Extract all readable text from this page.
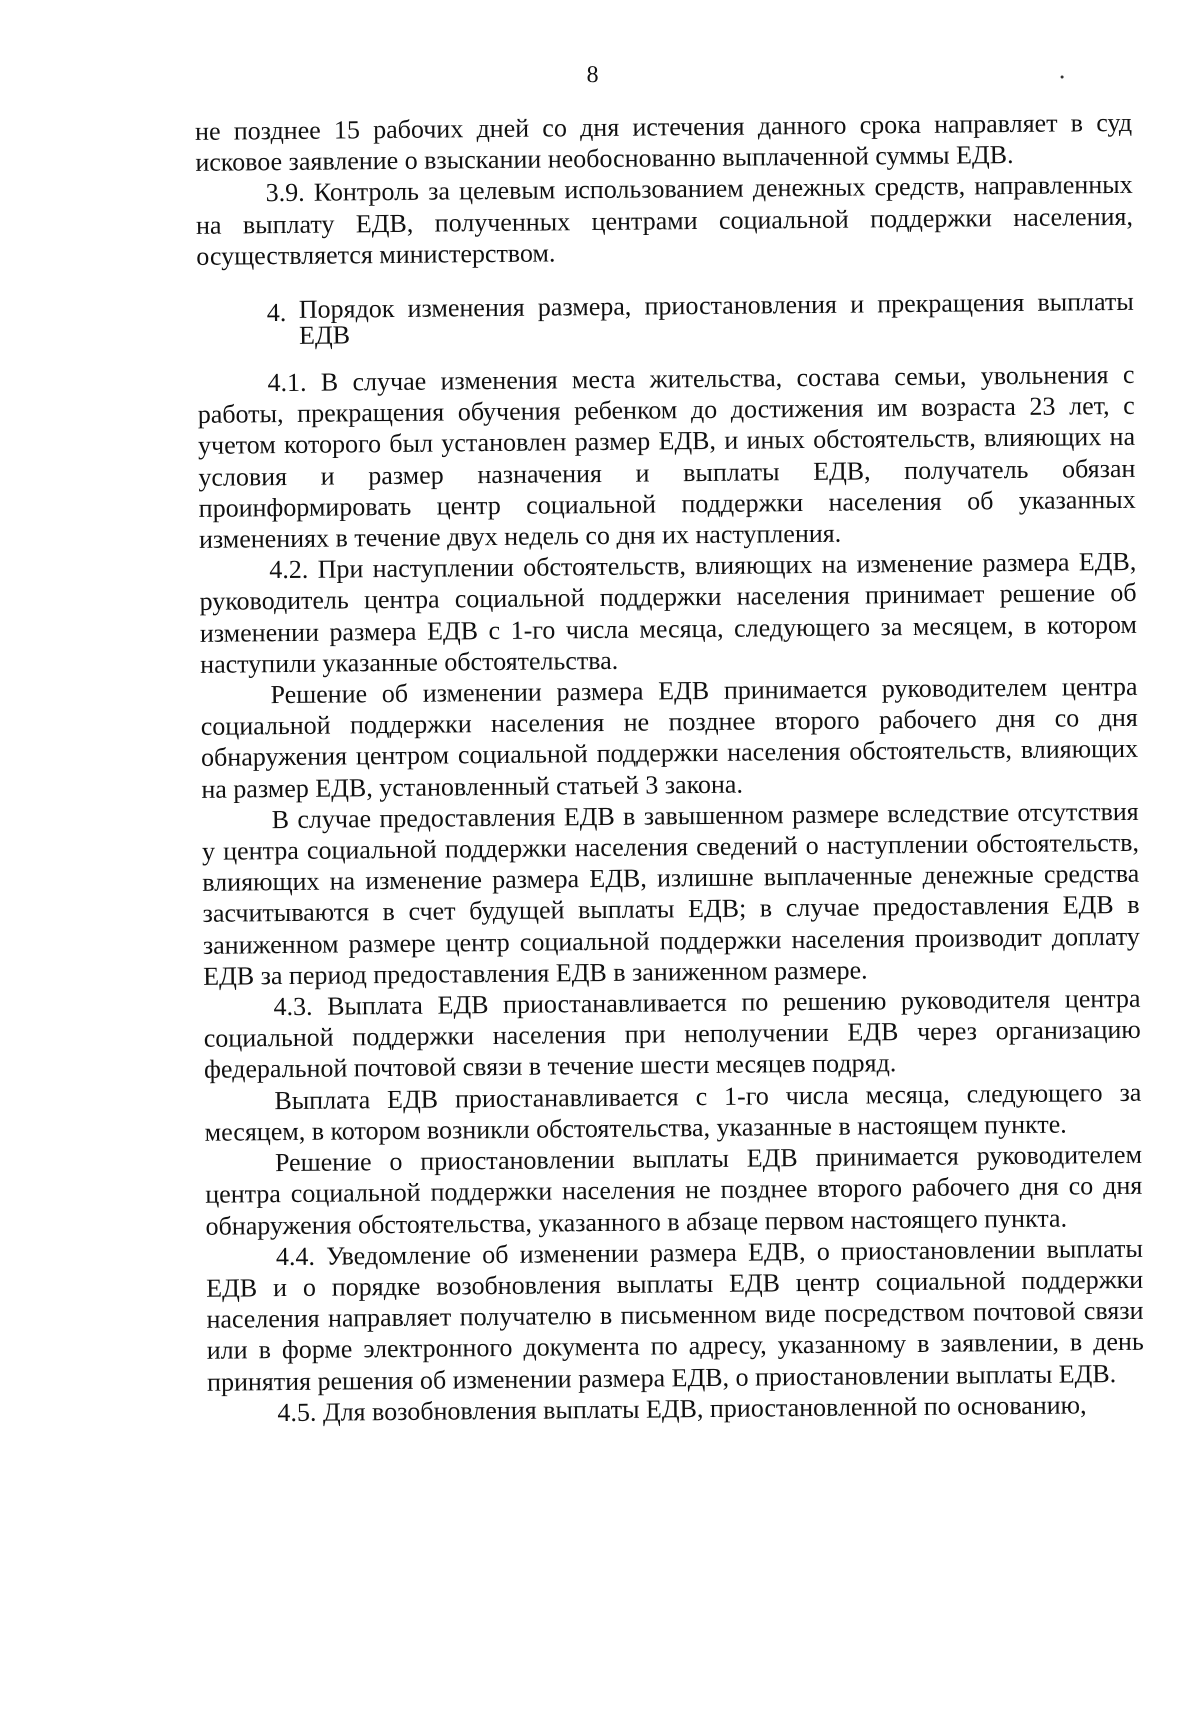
8

не позднее 15 рабочих дней со дня истечения данного срока направляет в суд исковое заявление о взыскании необоснованно выплаченной суммы ЕДВ.

3.9. Контроль за целевым использованием денежных средств, направленных на выплату ЕДВ, полученных центрами социальной поддержки населения, осуществляется министерством.

4. Порядок изменения размера, приостановления и прекращения выплаты ЕДВ

4.1. В случае изменения места жительства, состава семьи, увольнения с работы, прекращения обучения ребенком до достижения им возраста 23 лет, с учетом которого был установлен размер ЕДВ, и иных обстоятельств, влияющих на условия и размер назначения и выплаты ЕДВ, получатель обязан проинформировать центр социальной поддержки населения об указанных изменениях в течение двух недель со дня их наступления.

4.2. При наступлении обстоятельств, влияющих на изменение размера ЕДВ, руководитель центра социальной поддержки населения принимает решение об изменении размера ЕДВ с 1-го числа месяца, следующего за месяцем, в котором наступили указанные обстоятельства.

Решение об изменении размера ЕДВ принимается руководителем центра социальной поддержки населения не позднее второго рабочего дня со дня обнаружения центром социальной поддержки населения обстоятельств, влияющих на размер ЕДВ, установленный статьей 3 закона.

В случае предоставления ЕДВ в завышенном размере вследствие отсутствия у центра социальной поддержки населения сведений о наступлении обстоятельств, влияющих на изменение размера ЕДВ, излишне выплаченные денежные средства засчитываются в счет будущей выплаты ЕДВ; в случае предоставления ЕДВ в заниженном размере центр социальной поддержки населения производит доплату ЕДВ за период предоставления ЕДВ в заниженном размере.

4.3. Выплата ЕДВ приостанавливается по решению руководителя центра социальной поддержки населения при неполучении ЕДВ через организацию федеральной почтовой связи в течение шести месяцев подряд.

Выплата ЕДВ приостанавливается с 1-го числа месяца, следующего за месяцем, в котором возникли обстоятельства, указанные в настоящем пункте.

Решение о приостановлении выплаты ЕДВ принимается руководителем центра социальной поддержки населения не позднее второго рабочего дня со дня обнаружения обстоятельства, указанного в абзаце первом настоящего пункта.

4.4. Уведомление об изменении размера ЕДВ, о приостановлении выплаты ЕДВ и о порядке возобновления выплаты ЕДВ центр социальной поддержки населения направляет получателю в письменном виде посредством почтовой связи или в форме электронного документа по адресу, указанному в заявлении, в день принятия решения об изменении размера ЕДВ, о приостановлении выплаты ЕДВ.

4.5. Для возобновления выплаты ЕДВ, приостановленной по основанию,
